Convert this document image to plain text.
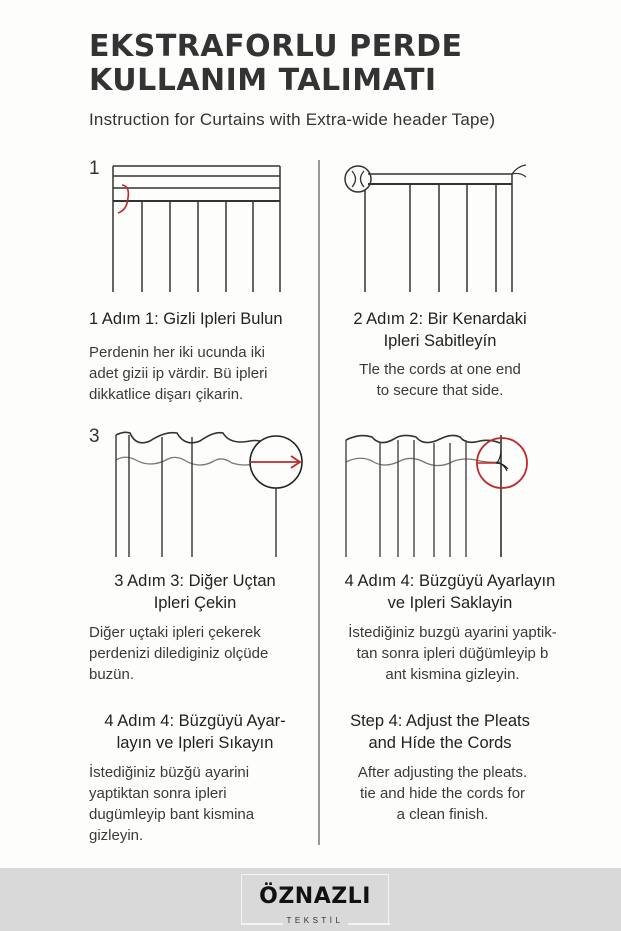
EKSTRAFORLU PERDE
KULLANIM TALIMATI
Instruction for Curtains with Extra-wide header Tape)
1
1 Adım 1: Gizli Ipleri Bulun
Perdenin her iki ucunda iki
adet gizii ip värdir. Bü ipleri
dikkatlice dişarı çikarin.
2 Adım 2: Bir Kenardaki
Ipleri Sabitleyín
Tle the cords at one end
to secure that side.
3
3 Adım 3: Diğer Uçtan
Ipleri Çekin
Diğer uçtaki ipleri çekerek
perdenizi dilediginiz olçüde
buzün.
4 Adım 4: Büzgüyü Ayarlayın
ve Ipleri Saklayin
İstediğiniz buzgü ayarini yaptik-
tan sonra ipleri düğümleyip b
ant kismina gizleyin.
4 Adım 4: Büzgüyü Ayar-
layın ve Ipleri Sıkayın
İstediğiniz büzğü ayarini
yaptiktan sonra ipleri
dugümleyip bant kismina
gizleyin.
Step 4: Adjust the Pleats
and Híde the Cords
After adjusting the pleats.
tie and hide the cords for
a clean finish.
ÖZNAZLI
TEKSTİL
